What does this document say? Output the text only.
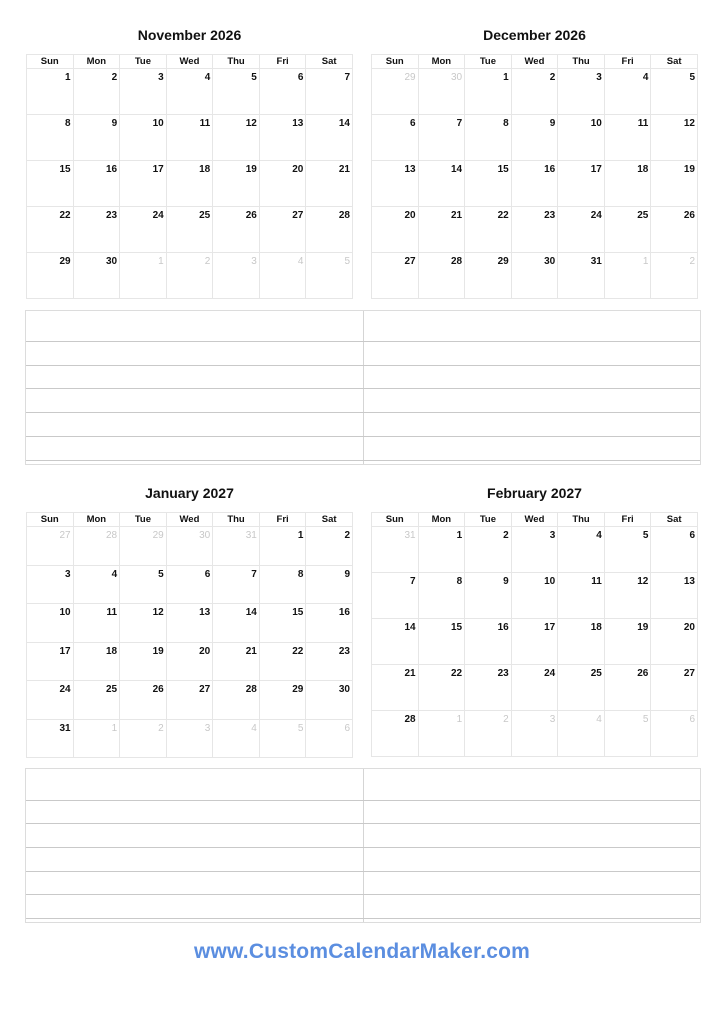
November 2026
Sun	Mon	Tue	Wed	Thu	Fri	Sat
1	2	3	4	5	6	7
8	9	10	11	12	13	14
15	16	17	18	19	20	21
22	23	24	25	26	27	28
29	30	1	2	3	4	5
December 2026
Sun	Mon	Tue	Wed	Thu	Fri	Sat
29	30	1	2	3	4	5
6	7	8	9	10	11	12
13	14	15	16	17	18	19
20	21	22	23	24	25	26
27	28	29	30	31	1	2
January 2027
Sun	Mon	Tue	Wed	Thu	Fri	Sat
27	28	29	30	31	1	2
3	4	5	6	7	8	9
10	11	12	13	14	15	16
17	18	19	20	21	22	23
24	25	26	27	28	29	30
31	1	2	3	4	5	6
February 2027
Sun	Mon	Tue	Wed	Thu	Fri	Sat
31	1	2	3	4	5	6
7	8	9	10	11	12	13
14	15	16	17	18	19	20
21	22	23	24	25	26	27
28	1	2	3	4	5	6
www.CustomCalendarMaker.com
